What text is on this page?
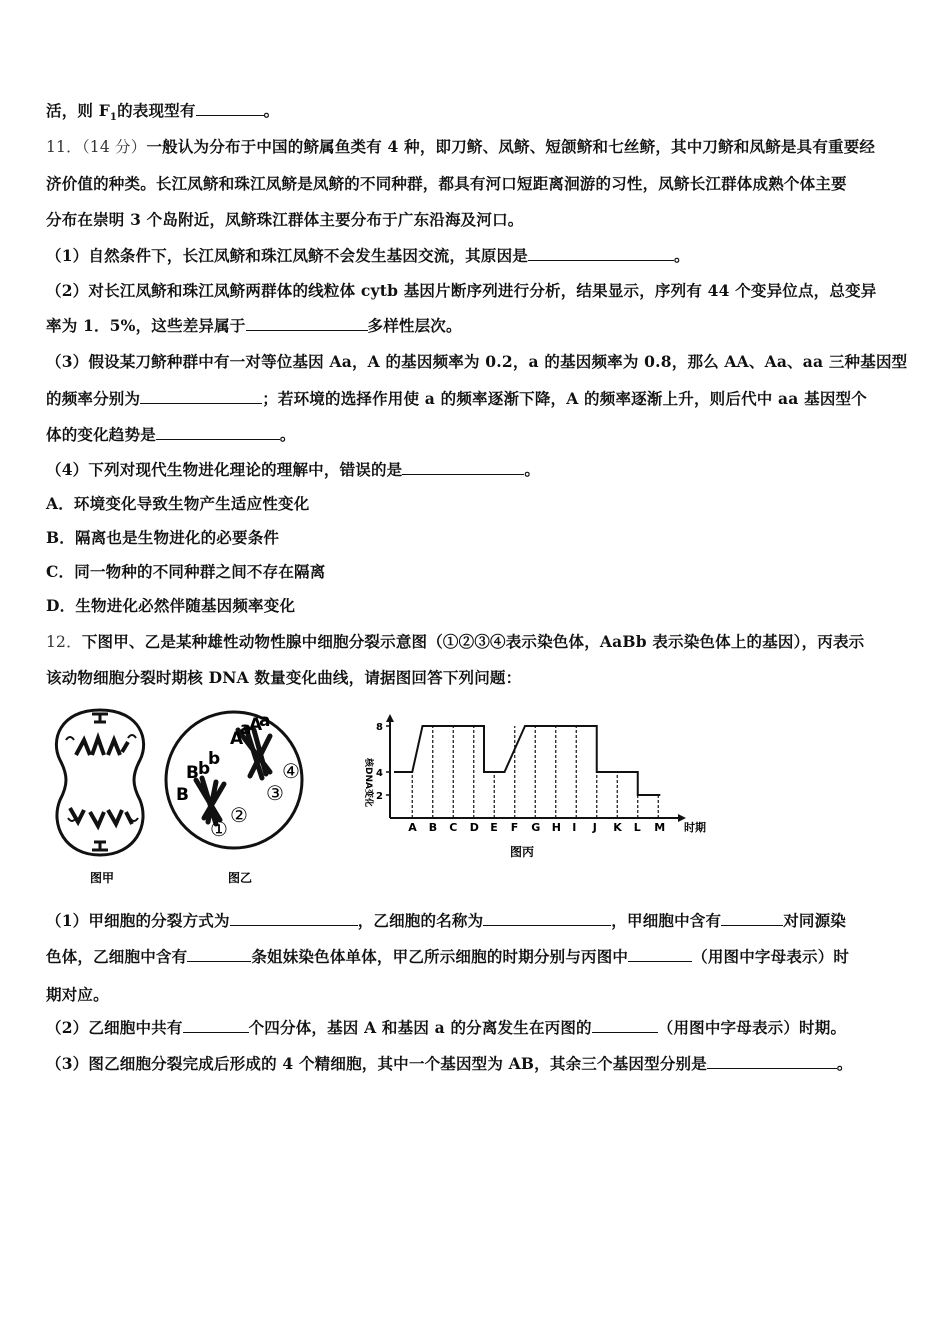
活，则 $F_1$的表现型有	。
11．（14 分）一般认为分布于中国的鲚属鱼类有 4 种，即刀鲚、凤鲚、短颌鲚和七丝鲚，其中刀鲚和凤鲚是具有重要经
济价值的种类。长江凤鲚和珠江凤鲚是凤鲚的不同种群，都具有河口短距离洄游的习性，凤鲚长江群体成熟个体主要
分布在崇明 3 个岛附近，凤鲚珠江群体主要分布于广东沿海及河口。
（1）自然条件下，长江凤鲚和珠江凤鲚不会发生基因交流，其原因是	。
（2）对长江凤鲚和珠江凤鲚两群体的线粒体 cytb 基因片断序列进行分析，结果显示，序列有 44 个变异位点，总变异
率为 1．5%，这些差异属于	多样性层次。
（3）假设某刀鲚种群中有一对等位基因 Aa，A 的基因频率为 0.2，a 的基因频率为 0.8，那么 AA、Aa、aa 三种基因型
的频率分别为	；若环境的选择作用使 a 的频率逐渐下降，A 的频率逐渐上升，则后代中 aa 基因型个
体的变化趋势是	。
（4）下列对现代生物进化理论的理解中，错误的是	。
A．环境变化导致生物产生适应性变化
B．隔离也是生物进化的必要条件
C．同一物种的不同种群之间不存在隔离
D．生物进化必然伴随基因频率变化
12．下图甲、乙是某种雄性动物性腺中细胞分裂示意图（①②③④表示染色体，AaBb 表示染色体上的基因），丙表示
该动物细胞分裂时期核 DNA 数量变化曲线，请据图回答下列问题：
图甲
A
a
A
a
B b
B
b
①
②
③
④
图乙
核DNA变化
时期
图丙
2
4
8
A B C D E F G H I J K L M
（1）甲细胞的分裂方式为	，乙细胞的名称为	，甲细胞中含有	对同源染
色体，乙细胞中含有	条姐妹染色体单体，甲乙所示细胞的时期分别与丙图中	（用图中字母表示）时
期对应。
（2）乙细胞中共有	个四分体，基因 A 和基因 a 的分离发生在丙图的	（用图中字母表示）时期。
（3）图乙细胞分裂完成后形成的 4 个精细胞，其中一个基因型为 AB，其余三个基因型分别是	。
